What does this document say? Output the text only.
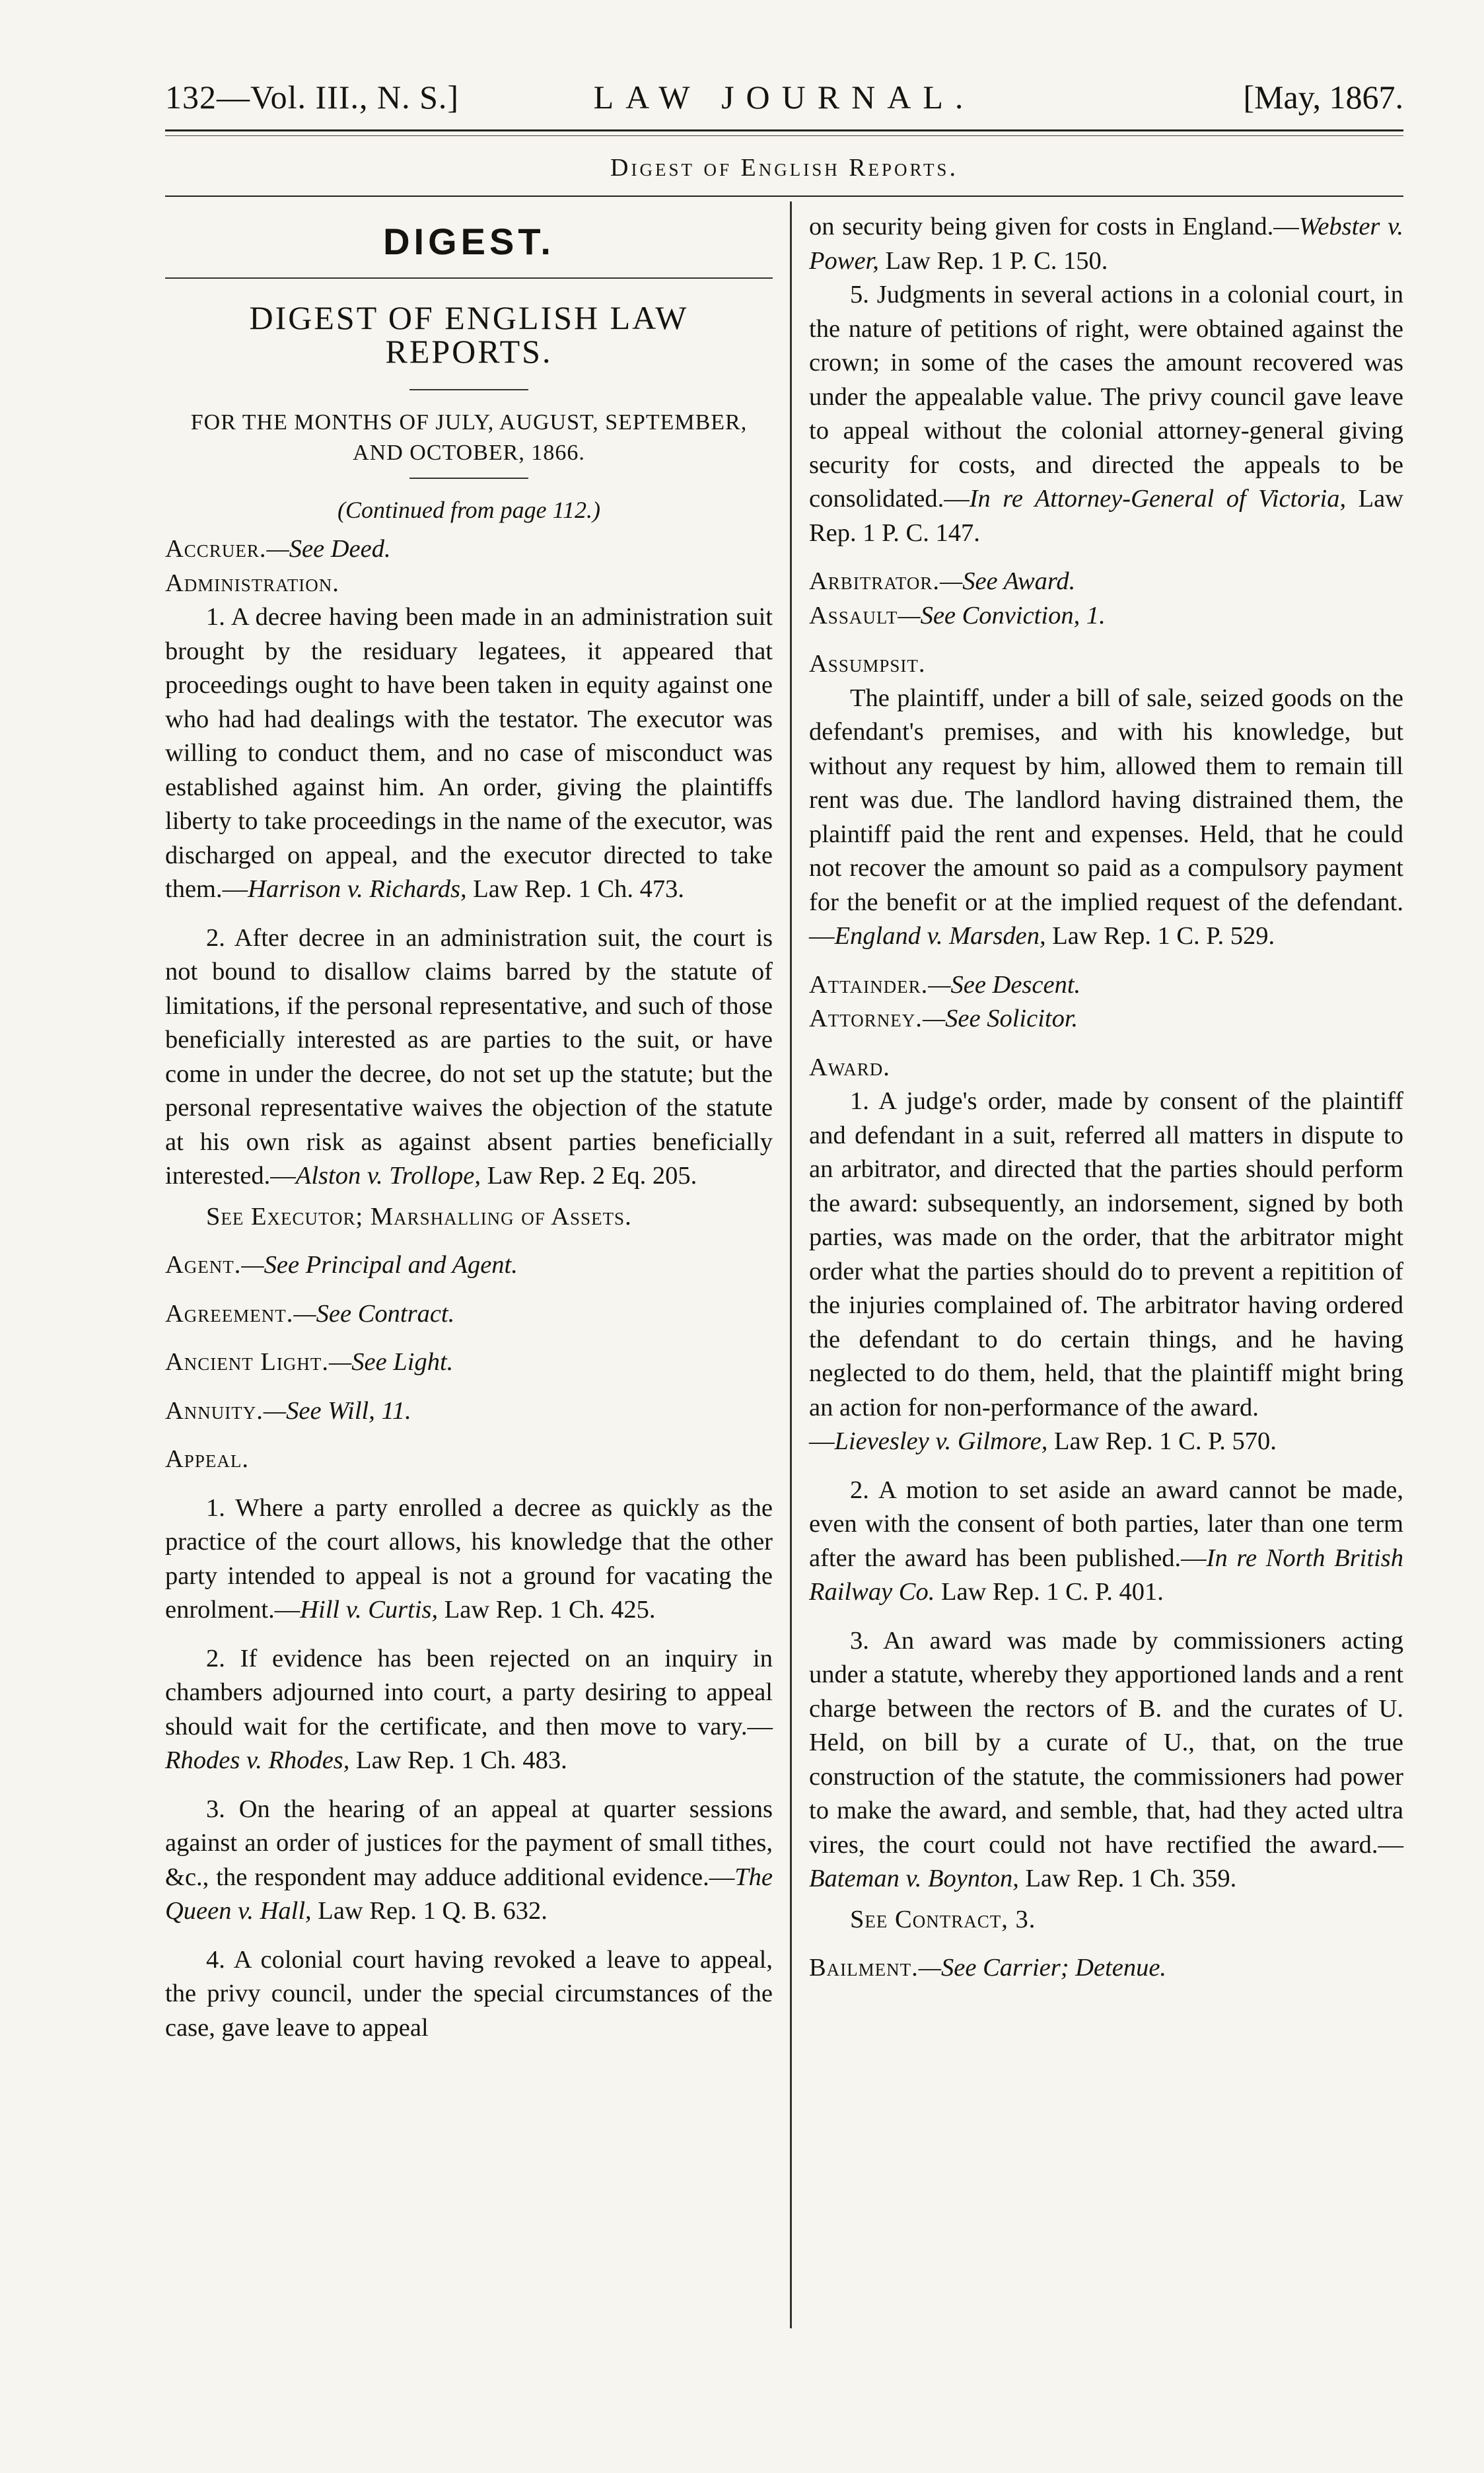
132—Vol. III., N. S.]	LAW JOURNAL.	[May, 1867.
Digest of English Reports.
DIGEST.
DIGEST OF ENGLISH LAW REPORTS.
FOR THE MONTHS OF JULY, AUGUST, SEPTEMBER, AND OCTOBER, 1866.
(Continued from page 112.)

Accruer.—See Deed.

Administration.

1. A decree having been made in an administration suit brought by the residuary legatees, it appeared that proceedings ought to have been taken in equity against one who had had dealings with the testator. The executor was willing to conduct them, and no case of misconduct was established against him. An order, giving the plaintiffs liberty to take proceedings in the name of the executor, was discharged on appeal, and the executor directed to take them.—Harrison v. Richards, Law Rep. 1 Ch. 473.

2. After decree in an administration suit, the court is not bound to disallow claims barred by the statute of limitations, if the personal representative, and such of those beneficially interested as are parties to the suit, or have come in under the decree, do not set up the statute; but the personal representative waives the objection of the statute at his own risk as against absent parties beneficially interested.—Alston v. Trollope, Law Rep. 2 Eq. 205.

See Executor; Marshalling of Assets.

Agent.—See Principal and Agent.

Agreement.—See Contract.

Ancient Light.—See Light.

Annuity.—See Will, 11.

Appeal.

1. Where a party enrolled a decree as quickly as the practice of the court allows, his knowledge that the other party intended to appeal is not a ground for vacating the enrolment.—Hill v. Curtis, Law Rep. 1 Ch. 425.

2. If evidence has been rejected on an inquiry in chambers adjourned into court, a party desiring to appeal should wait for the certificate, and then move to vary.—Rhodes v. Rhodes, Law Rep. 1 Ch. 483.

3. On the hearing of an appeal at quarter sessions against an order of justices for the payment of small tithes, &c., the respondent may adduce additional evidence.—The Queen v. Hall, Law Rep. 1 Q. B. 632.

4. A colonial court having revoked a leave to appeal, the privy council, under the special circumstances of the case, gave leave to appeal

on security being given for costs in England.—Webster v. Power, Law Rep. 1 P. C. 150.

5. Judgments in several actions in a colonial court, in the nature of petitions of right, were obtained against the crown; in some of the cases the amount recovered was under the appealable value. The privy council gave leave to appeal without the colonial attorney-general giving security for costs, and directed the appeals to be consolidated.—In re Attorney-General of Victoria, Law Rep. 1 P. C. 147.

Arbitrator.—See Award.

Assault—See Conviction, 1.

Assumpsit.

The plaintiff, under a bill of sale, seized goods on the defendant's premises, and with his knowledge, but without any request by him, allowed them to remain till rent was due. The landlord having distrained them, the plaintiff paid the rent and expenses. Held, that he could not recover the amount so paid as a compulsory payment for the benefit or at the implied request of the defendant.—England v. Marsden, Law Rep. 1 C. P. 529.

Attainder.—See Descent.

Attorney.—See Solicitor.

Award.

1. A judge's order, made by consent of the plaintiff and defendant in a suit, referred all matters in dispute to an arbitrator, and directed that the parties should perform the award: subsequently, an indorsement, signed by both parties, was made on the order, that the arbitrator might order what the parties should do to prevent a repitition of the injuries complained of. The arbitrator having ordered the defendant to do certain things, and he having neglected to do them, held, that the plaintiff might bring an action for non-performance of the award.
—Lievesley v. Gilmore, Law Rep. 1 C. P. 570.

2. A motion to set aside an award cannot be made, even with the consent of both parties, later than one term after the award has been published.—In re North British Railway Co. Law Rep. 1 C. P. 401.

3. An award was made by commissioners acting under a statute, whereby they apportioned lands and a rent charge between the rectors of B. and the curates of U. Held, on bill by a curate of U., that, on the true construction of the statute, the commissioners had power to make the award, and semble, that, had they acted ultra vires, the court could not have rectified the award.—Bateman v. Boynton, Law Rep. 1 Ch. 359.

See Contract, 3.

Bailment.—See Carrier; Detenue.
